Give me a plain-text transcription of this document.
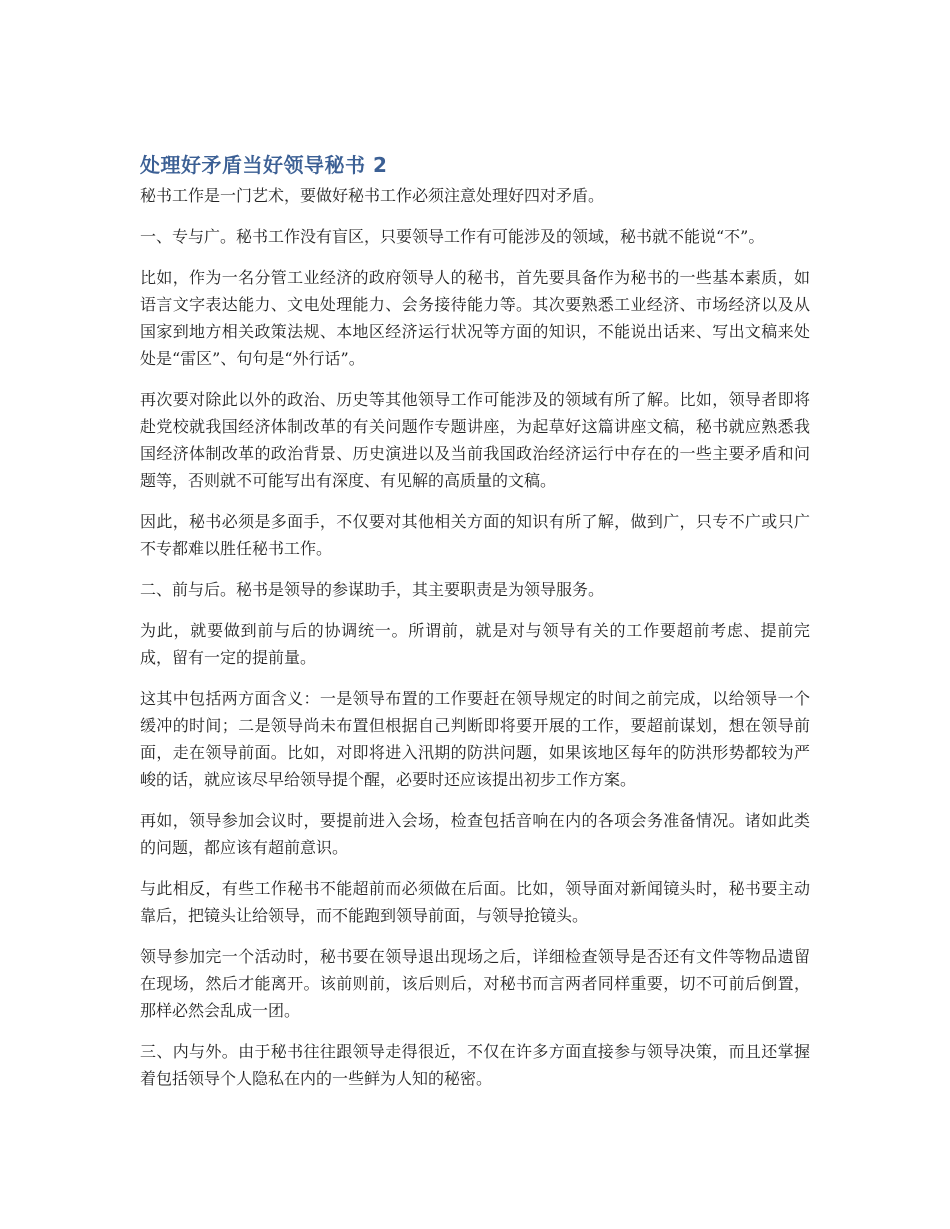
处理好矛盾当好领导秘书 2

秘书工作是一门艺术，要做好秘书工作必须注意处理好四对矛盾。

一、专与广。秘书工作没有盲区，只要领导工作有可能涉及的领域，秘书就不能说“不”。

比如，作为一名分管工业经济的政府领导人的秘书，首先要具备作为秘书的一些基本素质，如语言文字表达能力、文电处理能力、会务接待能力等。其次要熟悉工业经济、市场经济以及从国家到地方相关政策法规、本地区经济运行状况等方面的知识，不能说出话来、写出文稿来处处是“雷区”、句句是“外行话”。

再次要对除此以外的政治、历史等其他领导工作可能涉及的领域有所了解。比如，领导者即将赴党校就我国经济体制改革的有关问题作专题讲座，为起草好这篇讲座文稿，秘书就应熟悉我国经济体制改革的政治背景、历史演进以及当前我国政治经济运行中存在的一些主要矛盾和问题等，否则就不可能写出有深度、有见解的高质量的文稿。

因此，秘书必须是多面手，不仅要对其他相关方面的知识有所了解，做到广，只专不广或只广不专都难以胜任秘书工作。

二、前与后。秘书是领导的参谋助手，其主要职责是为领导服务。

为此，就要做到前与后的协调统一。所谓前，就是对与领导有关的工作要超前考虑、提前完成，留有一定的提前量。

这其中包括两方面含义：一是领导布置的工作要赶在领导规定的时间之前完成，以给领导一个缓冲的时间；二是领导尚未布置但根据自己判断即将要开展的工作，要超前谋划，想在领导前面，走在领导前面。比如，对即将进入汛期的防洪问题，如果该地区每年的防洪形势都较为严峻的话，就应该尽早给领导提个醒，必要时还应该提出初步工作方案。

再如，领导参加会议时，要提前进入会场，检查包括音响在内的各项会务准备情况。诸如此类的问题，都应该有超前意识。

与此相反，有些工作秘书不能超前而必须做在后面。比如，领导面对新闻镜头时，秘书要主动靠后，把镜头让给领导，而不能跑到领导前面，与领导抢镜头。

领导参加完一个活动时，秘书要在领导退出现场之后，详细检查领导是否还有文件等物品遗留在现场，然后才能离开。该前则前，该后则后，对秘书而言两者同样重要，切不可前后倒置，那样必然会乱成一团。

三、内与外。由于秘书往往跟领导走得很近，不仅在许多方面直接参与领导决策，而且还掌握着包括领导个人隐私在内的一些鲜为人知的秘密。
